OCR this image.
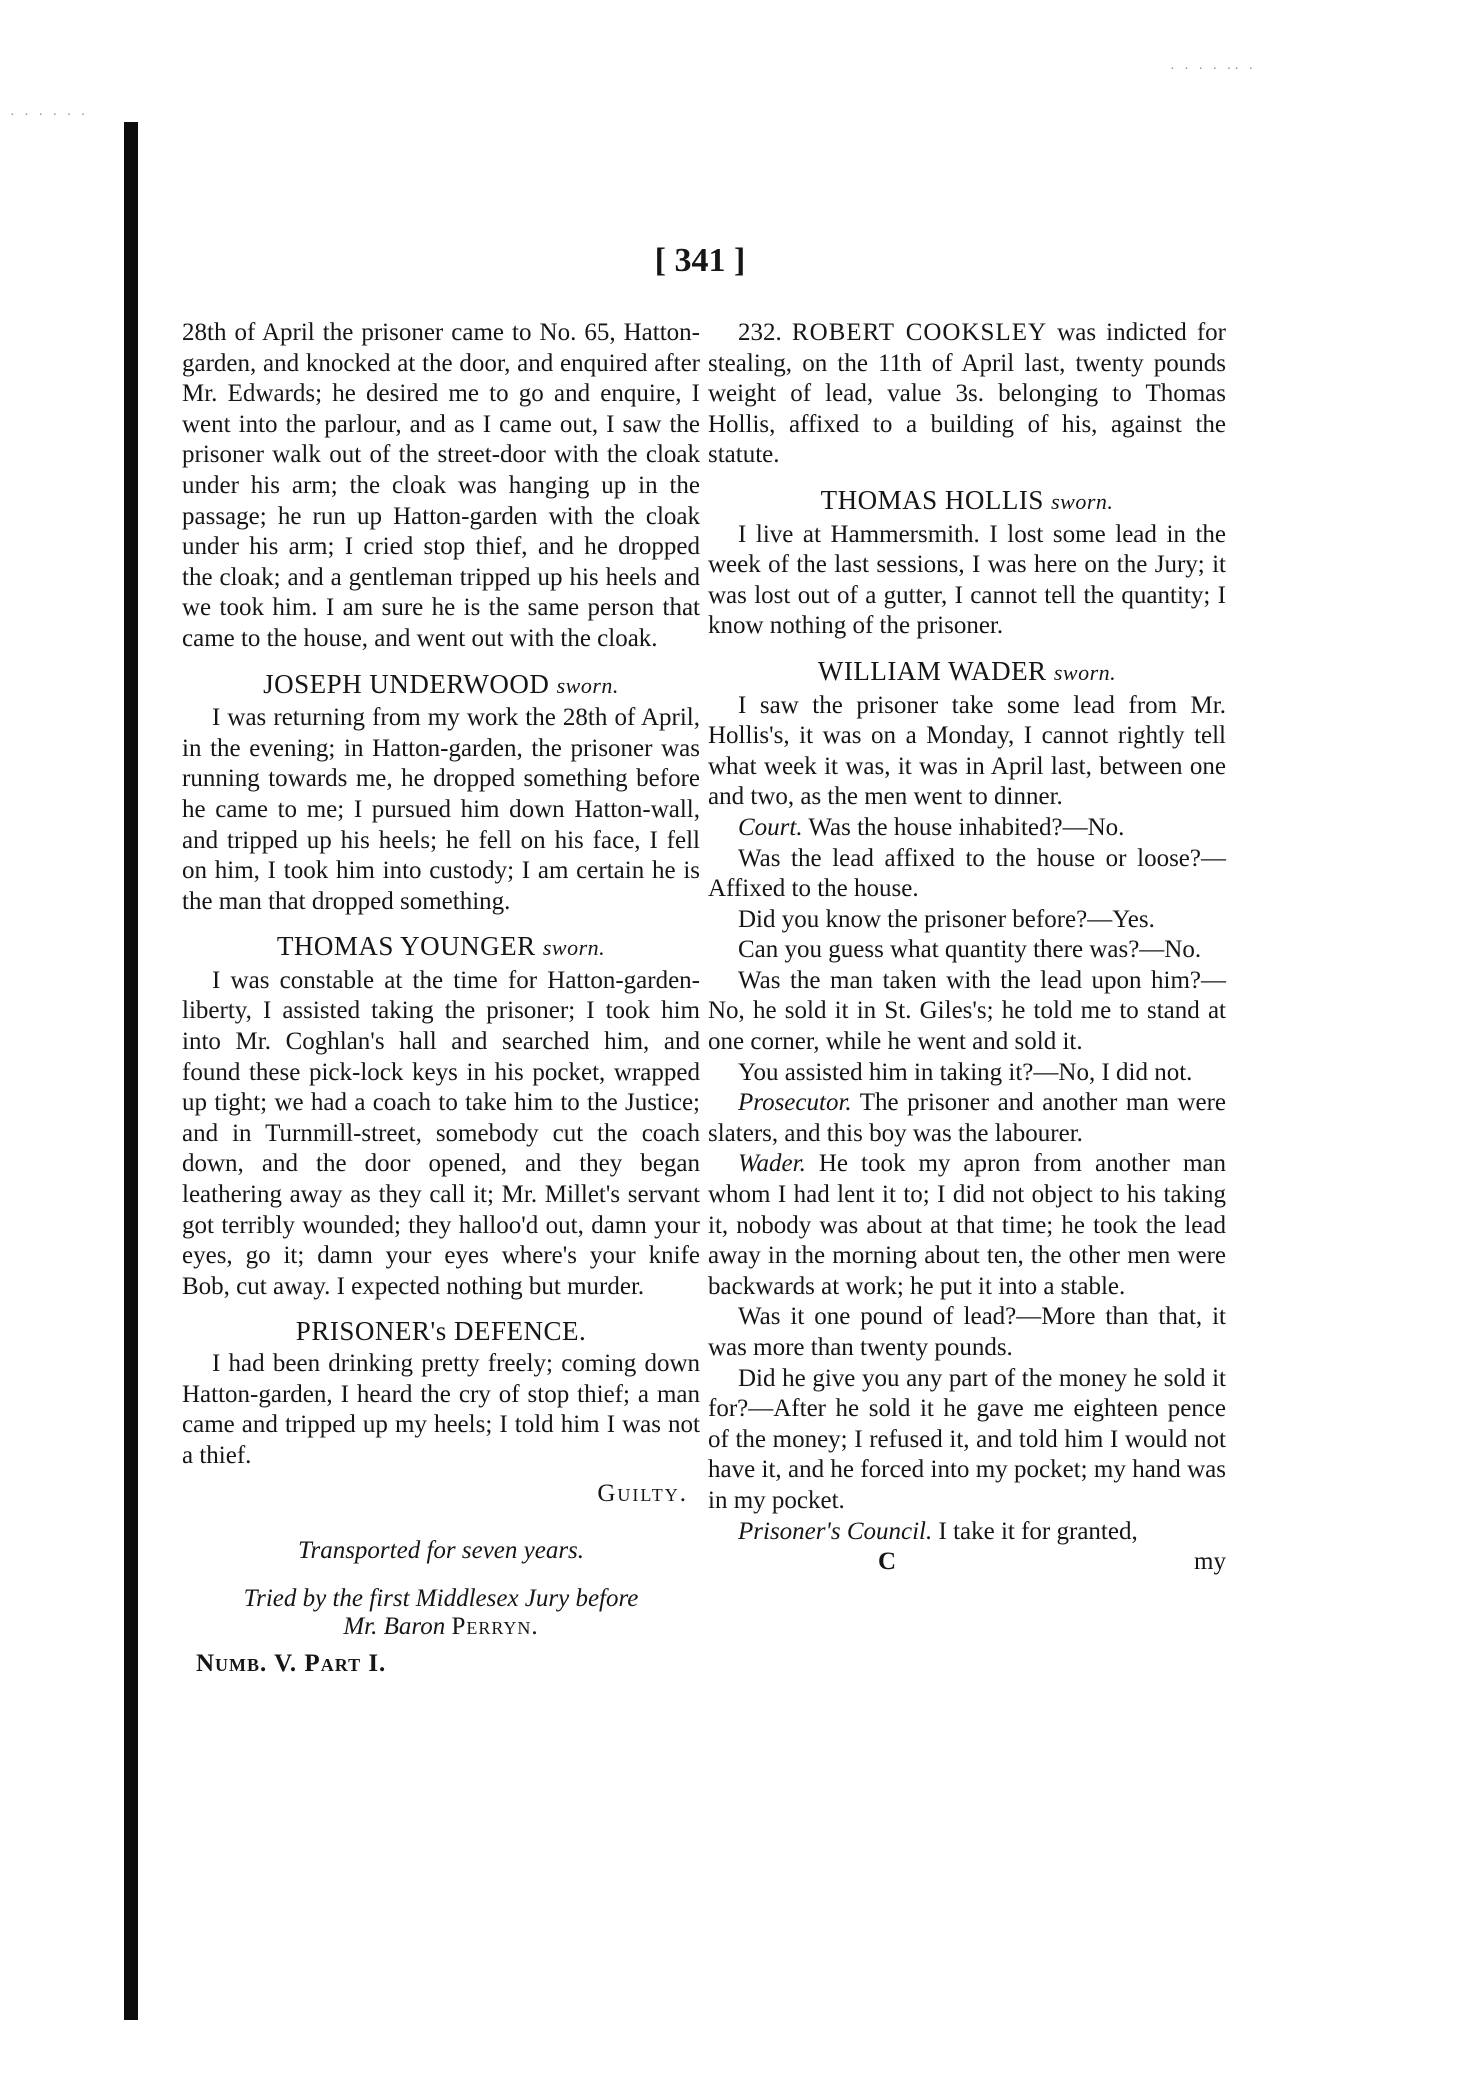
· · · · · ·
· · · · ·· ·
[ 341 ]

28th of April the prisoner came to No. 65, Hatton-garden, and knocked at the door, and enquired after Mr. Edwards; he desired me to go and enquire, I went into the parlour, and as I came out, I saw the prisoner walk out of the street-door with the cloak under his arm; the cloak was hanging up in the passage; he run up Hatton-garden with the cloak under his arm; I cried stop thief, and he dropped the cloak; and a gentleman tripped up his heels and we took him. I am sure he is the same person that came to the house, and went out with the cloak.

JOSEPH UNDERWOOD sworn.

I was returning from my work the 28th of April, in the evening; in Hatton-garden, the prisoner was running towards me, he dropped something before he came to me; I pursued him down Hatton-wall, and tripped up his heels; he fell on his face, I fell on him, I took him into custody; I am certain he is the man that dropped something.

THOMAS YOUNGER sworn.

I was constable at the time for Hatton-garden-liberty, I assisted taking the prisoner; I took him into Mr. Coghlan's hall and searched him, and found these pick-lock keys in his pocket, wrapped up tight; we had a coach to take him to the Justice; and in Turnmill-street, somebody cut the coach down, and the door opened, and they began leathering away as they call it; Mr. Millet's servant got terribly wounded; they halloo'd out, damn your eyes, go it; damn your eyes where's your knife Bob, cut away. I expected nothing but murder.

PRISONER's DEFENCE.

I had been drinking pretty freely; coming down Hatton-garden, I heard the cry of stop thief; a man came and tripped up my heels; I told him I was not a thief.

Guilty.

Transported for seven years.

Tried by the first Middlesex Jury before
Mr. Baron Perryn.

Numb. V. Part I.

232. ROBERT COOKSLEY was indicted for stealing, on the 11th of April last, twenty pounds weight of lead, value 3s. belonging to Thomas Hollis, affixed to a building of his, against the statute.

THOMAS HOLLIS sworn.

I live at Hammersmith. I lost some lead in the week of the last sessions, I was here on the Jury; it was lost out of a gutter, I cannot tell the quantity; I know nothing of the prisoner.

WILLIAM WADER sworn.

I saw the prisoner take some lead from Mr. Hollis's, it was on a Monday, I cannot rightly tell what week it was, it was in April last, between one and two, as the men went to dinner.

Court. Was the house inhabited?—No.

Was the lead affixed to the house or loose?—Affixed to the house.

Did you know the prisoner before?—Yes.

Can you guess what quantity there was?—No.

Was the man taken with the lead upon him?—No, he sold it in St. Giles's; he told me to stand at one corner, while he went and sold it.

You assisted him in taking it?—No, I did not.

Prosecutor. The prisoner and another man were slaters, and this boy was the labourer.

Wader. He took my apron from another man whom I had lent it to; I did not object to his taking it, nobody was about at that time; he took the lead away in the morning about ten, the other men were backwards at work; he put it into a stable.

Was it one pound of lead?—More than that, it was more than twenty pounds.

Did he give you any part of the money he sold it for?—After he sold it he gave me eighteen pence of the money; I refused it, and told him I would not have it, and he forced into my pocket; my hand was in my pocket.

Prisoner's Council. I take it for granted,

C	my
